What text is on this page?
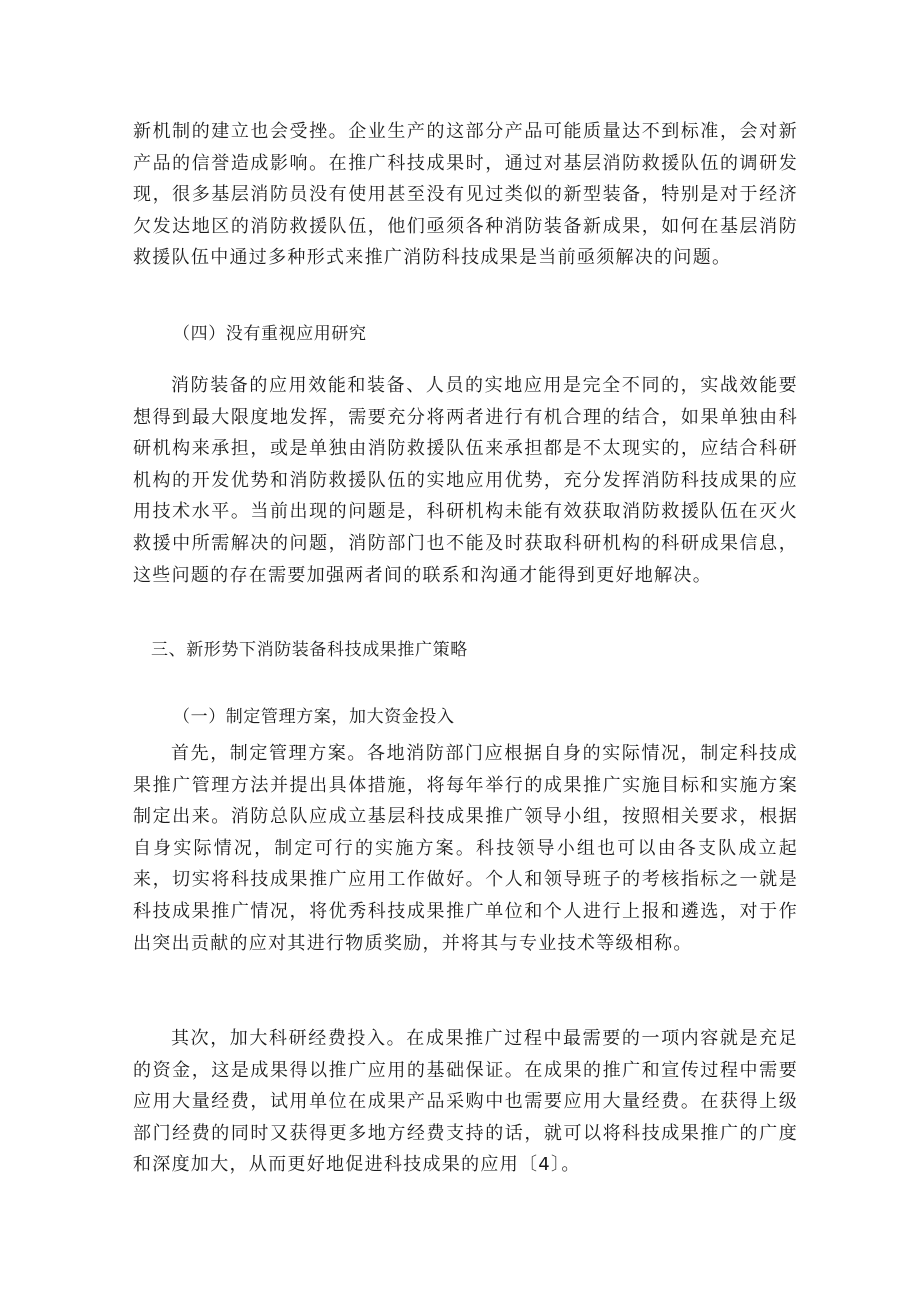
新机制的建立也会受挫。企业生产的这部分产品可能质量达不到标准，会对新产品的信誉造成影响。在推广科技成果时，通过对基层消防救援队伍的调研发现，很多基层消防员没有使用甚至没有见过类似的新型装备，特别是对于经济欠发达地区的消防救援队伍，他们亟须各种消防装备新成果，如何在基层消防救援队伍中通过多种形式来推广消防科技成果是当前亟须解决的问题。

（四）没有重视应用研究

消防装备的应用效能和装备、人员的实地应用是完全不同的，实战效能要想得到最大限度地发挥，需要充分将两者进行有机合理的结合，如果单独由科研机构来承担，或是单独由消防救援队伍来承担都是不太现实的，应结合科研机构的开发优势和消防救援队伍的实地应用优势，充分发挥消防科技成果的应用技术水平。当前出现的问题是，科研机构未能有效获取消防救援队伍在灭火救援中所需解决的问题，消防部门也不能及时获取科研机构的科研成果信息，这些问题的存在需要加强两者间的联系和沟通才能得到更好地解决。

三、新形势下消防装备科技成果推广策略

（一）制定管理方案，加大资金投入

首先，制定管理方案。各地消防部门应根据自身的实际情况，制定科技成果推广管理方法并提出具体措施，将每年举行的成果推广实施目标和实施方案制定出来。消防总队应成立基层科技成果推广领导小组，按照相关要求，根据自身实际情况，制定可行的实施方案。科技领导小组也可以由各支队成立起来，切实将科技成果推广应用工作做好。个人和领导班子的考核指标之一就是科技成果推广情况，将优秀科技成果推广单位和个人进行上报和遴选，对于作出突出贡献的应对其进行物质奖励，并将其与专业技术等级相称。

其次，加大科研经费投入。在成果推广过程中最需要的一项内容就是充足的资金，这是成果得以推广应用的基础保证。在成果的推广和宣传过程中需要应用大量经费，试用单位在成果产品采购中也需要应用大量经费。在获得上级部门经费的同时又获得更多地方经费支持的话，就可以将科技成果推广的广度和深度加大，从而更好地促进科技成果的应用〔4〕。
